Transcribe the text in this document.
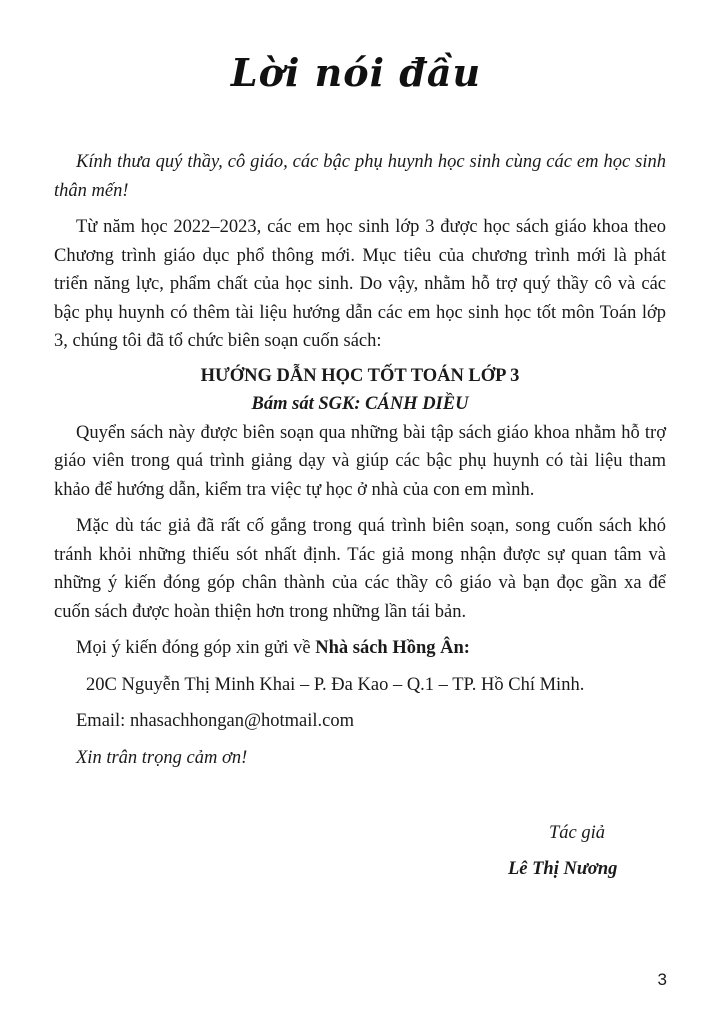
Lời nói đầu

Kính thưa quý thầy, cô giáo, các bậc phụ huynh học sinh cùng các em học sinh thân mến!

Từ năm học 2022–2023, các em học sinh lớp 3 được học sách giáo khoa theo Chương trình giáo dục phổ thông mới. Mục tiêu của chương trình mới là phát triển năng lực, phẩm chất của học sinh. Do vậy, nhằm hỗ trợ quý thầy cô và các bậc phụ huynh có thêm tài liệu hướng dẫn các em học sinh học tốt môn Toán lớp 3, chúng tôi đã tổ chức biên soạn cuốn sách:

HƯỚNG DẪN HỌC TỐT TOÁN LỚP 3

Bám sát SGK: CÁNH DIỀU

Quyển sách này được biên soạn qua những bài tập sách giáo khoa nhằm hỗ trợ giáo viên trong quá trình giảng dạy và giúp các bậc phụ huynh có tài liệu tham khảo để hướng dẫn, kiểm tra việc tự học ở nhà của con em mình.

Mặc dù tác giả đã rất cố gắng trong quá trình biên soạn, song cuốn sách khó tránh khỏi những thiếu sót nhất định. Tác giả mong nhận được sự quan tâm và những ý kiến đóng góp chân thành của các thầy cô giáo và bạn đọc gần xa để cuốn sách được hoàn thiện hơn trong những lần tái bản.

Mọi ý kiến đóng góp xin gửi về Nhà sách Hồng Ân:

20C Nguyễn Thị Minh Khai – P. Đa Kao – Q.1 – TP. Hồ Chí Minh.

Email: nhasachhongan@hotmail.com

Xin trân trọng cảm ơn!

Tác giả
Lê Thị Nương
3
